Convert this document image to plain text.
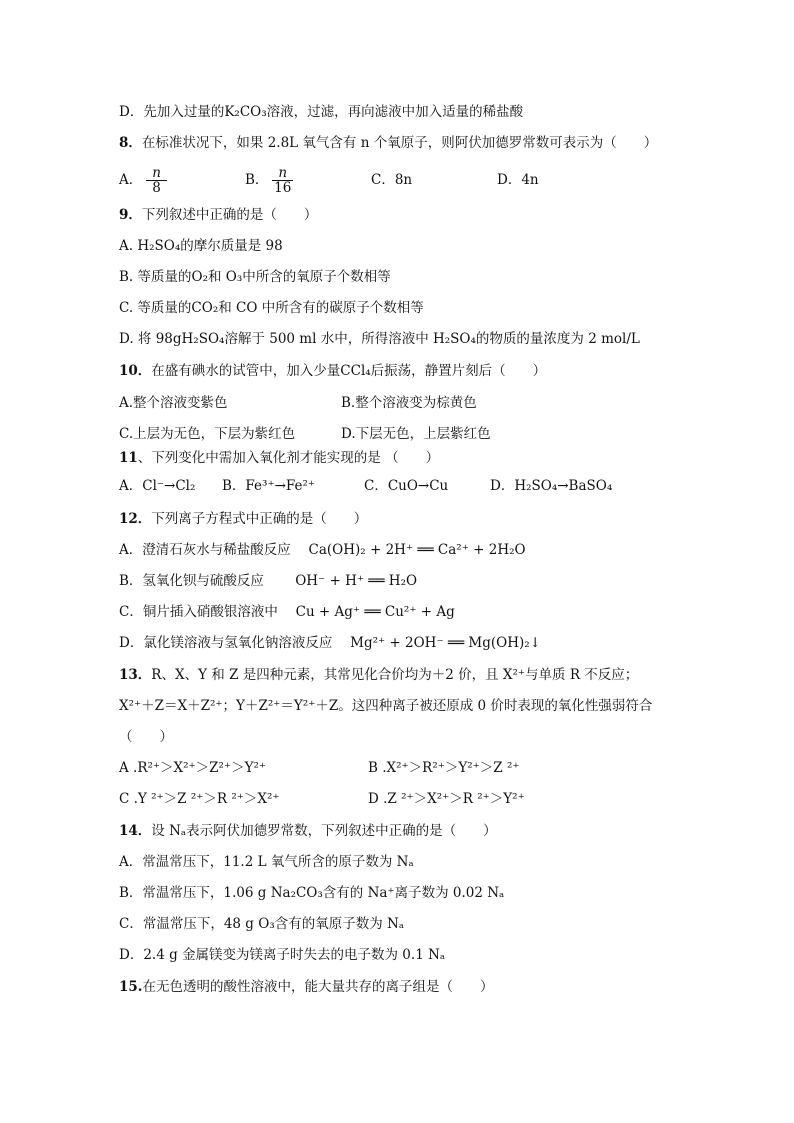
D．先加入过量的K₂CO₃溶液，过滤，再向滤液中加入适量的稀盐酸
8．在标准状况下，如果 2.8L 氧气含有 n 个氧原子，则阿伏加德罗常数可表示为（　　）
A． $\frac{n}{8}$	B． $\frac{n}{16}$	C．8n	D．4n
9．下列叙述中正确的是（　　）
A. H₂SO₄的摩尔质量是 98
B. 等质量的O₂和 O₃中所含的氧原子个数相等
C. 等质量的CO₂和 CO 中所含有的碳原子个数相等
D. 将 98gH₂SO₄溶解于 500 ml 水中，所得溶液中 H₂SO₄的物质的量浓度为 2 mol/L
10．在盛有碘水的试管中，加入少量CCl₄后振荡，静置片刻后（　　）
A.整个溶液变紫色	B.整个溶液变为棕黄色
C.上层为无色，下层为紫红色	D.下层无色，上层紫红色
11、下列变化中需加入氧化剂才能实现的是 （　　）
A．Cl⁻→Cl₂ B．Fe³⁺→Fe²⁺	C．CuO→Cu	D．H₂SO₄→BaSO₄
12．下列离子方程式中正确的是（　　）
A．澄清石灰水与稀盐酸反应　 Ca(OH)₂ + 2H⁺ ══ Ca²⁺ + 2H₂O
B．氢氧化钡与硫酸反应　　 OH⁻ + H⁺ ══ H₂O
C．铜片插入硝酸银溶液中　 Cu + Ag⁺ ══ Cu²⁺ + Ag
D．氯化镁溶液与氢氧化钠溶液反应　 Mg²⁺ + 2OH⁻ ══ Mg(OH)₂↓
13．R、X、Y 和 Z 是四种元素，其常见化合价均为＋2 价，且 X²⁺与单质 R 不反应；
X²⁺＋Z＝X＋Z²⁺；Y＋Z²⁺＝Y²⁺＋Z。这四种离子被还原成 0 价时表现的氧化性强弱符合
（　　）
A .R²⁺＞X²⁺＞Z²⁺＞Y²⁺	B .X²⁺＞R²⁺＞Y²⁺＞Z ²⁺
C .Y ²⁺＞Z ²⁺＞R ²⁺＞X²⁺	D .Z ²⁺＞X²⁺＞R ²⁺＞Y²⁺
14．设 Nₐ表示阿伏加德罗常数，下列叙述中正确的是（　　）
A．常温常压下，11.2 L 氧气所含的原子数为 Nₐ
B．常温常压下，1.06 g Na₂CO₃含有的 Na⁺离子数为 0.02 Nₐ
C．常温常压下，48 g O₃含有的氧原子数为 Nₐ
D．2.4 g 金属镁变为镁离子时失去的电子数为 0.1 Nₐ
15.在无色透明的酸性溶液中，能大量共存的离子组是（　　）
